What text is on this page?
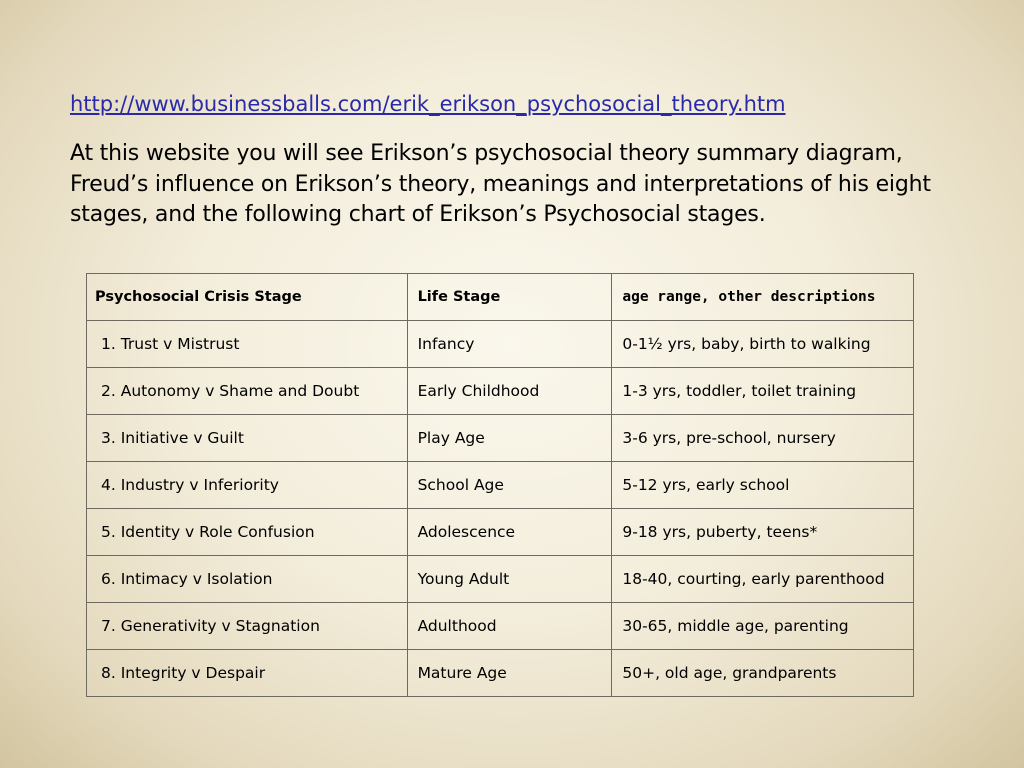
http://www.businessballs.com/erik_erikson_psychosocial_theory.htm
At this website you will see Erikson’s psychosocial theory summary diagram, Freud’s influence on Erikson’s theory, meanings and interpretations of his eight stages, and the following chart of Erikson’s Psychosocial stages.
Psychosocial Crisis Stage	Life Stage	age range, other descriptions
1. Trust v Mistrust	Infancy	0-1½ yrs, baby, birth to walking
2. Autonomy v Shame and Doubt	Early Childhood	1-3 yrs, toddler, toilet training
3. Initiative v Guilt	Play Age	3-6 yrs, pre-school, nursery
4. Industry v Inferiority	School Age	5-12 yrs, early school
5. Identity v Role Confusion	Adolescence	9-18 yrs, puberty, teens*
6. Intimacy v Isolation	Young Adult	18-40, courting, early parenthood
7. Generativity v Stagnation	Adulthood	30-65, middle age, parenting
8. Integrity v Despair	Mature Age	50+, old age, grandparents
